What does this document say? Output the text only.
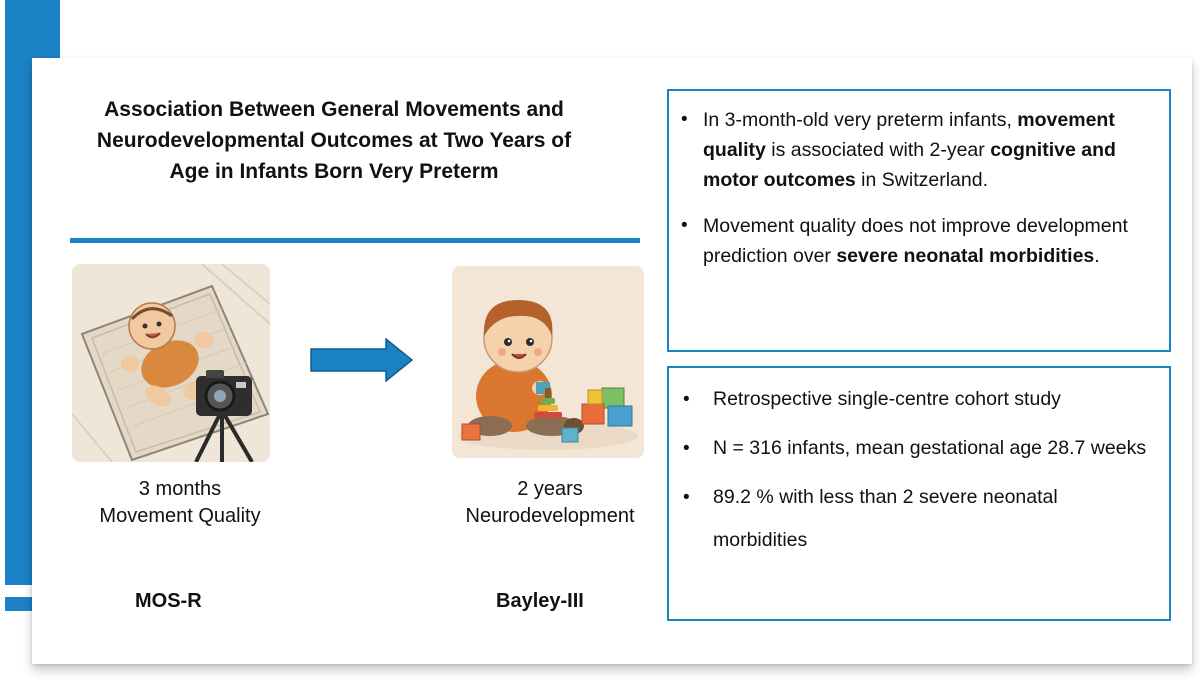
Association Between General Movements and Neurodevelopmental Outcomes at Two Years of Age in Infants Born Very Preterm

3 months
Movement Quality

2 years
Neurodevelopment

MOS-R	Bayley-III

• In 3-month-old very preterm infants, movement quality is associated with 2-year cognitive and motor outcomes in Switzerland.
• Movement quality does not improve development prediction over severe neonatal morbidities.
• Retrospective single-centre cohort study
• N = 316 infants, mean gestational age 28.7 weeks
• 89.2 % with less than 2 severe neonatal morbidities
